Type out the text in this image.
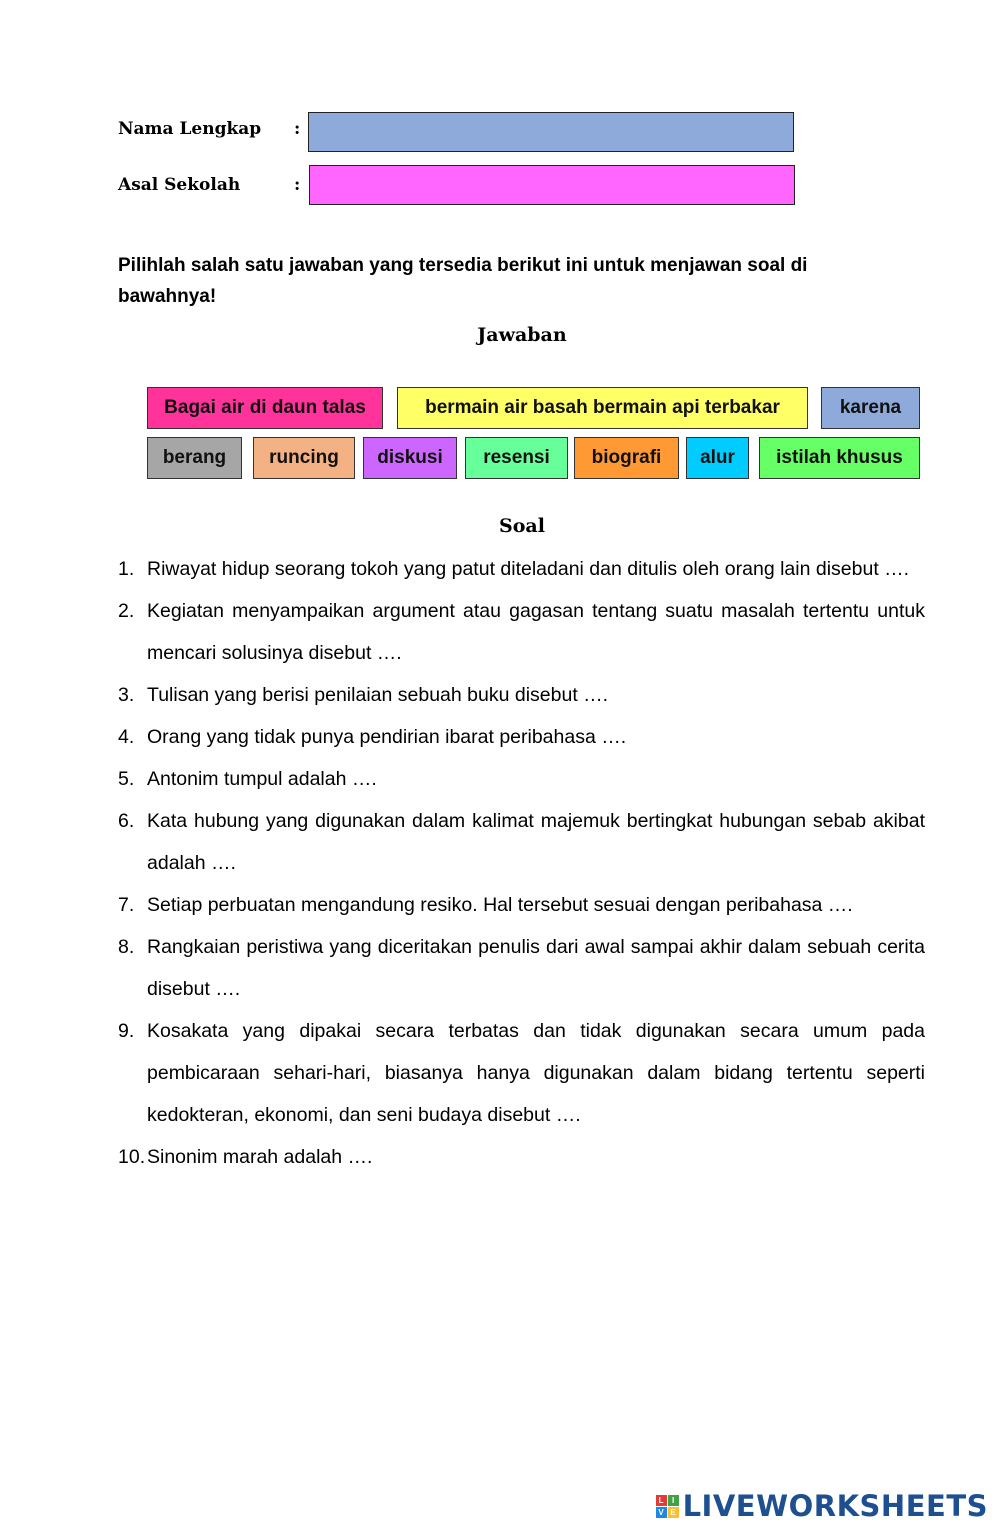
Nama Lengkap :
Asal Sekolah	:
Pilihlah salah satu jawaban yang tersedia berikut ini untuk menjawan soal di bawahnya!
Jawaban
Bagai air di daun talas	bermain air basah bermain api terbakar	karena
berang	runcing	diskusi	resensi	biografi	alur	istilah khusus
Soal
1. Riwayat hidup seorang tokoh yang patut diteladani dan ditulis oleh orang lain disebut ….
2. Kegiatan menyampaikan argument atau gagasan tentang suatu masalah tertentu untuk mencari solusinya disebut ….
3. Tulisan yang berisi penilaian sebuah buku disebut ….
4. Orang yang tidak punya pendirian ibarat peribahasa ….
5. Antonim tumpul adalah ….
6. Kata hubung yang digunakan dalam kalimat majemuk bertingkat hubungan sebab akibat adalah ….
7. Setiap perbuatan mengandung resiko. Hal tersebut sesuai dengan peribahasa ….
8. Rangkaian peristiwa yang diceritakan penulis dari awal sampai akhir dalam sebuah cerita disebut ….
9. Kosakata yang dipakai secara terbatas dan tidak digunakan secara umum pada pembicaraan sehari-hari, biasanya hanya digunakan dalam bidang tertentu seperti kedokteran, ekonomi, dan seni budaya disebut ….
10. Sinonim marah adalah ….
L	I
V E LIVEWORKSHEETS
